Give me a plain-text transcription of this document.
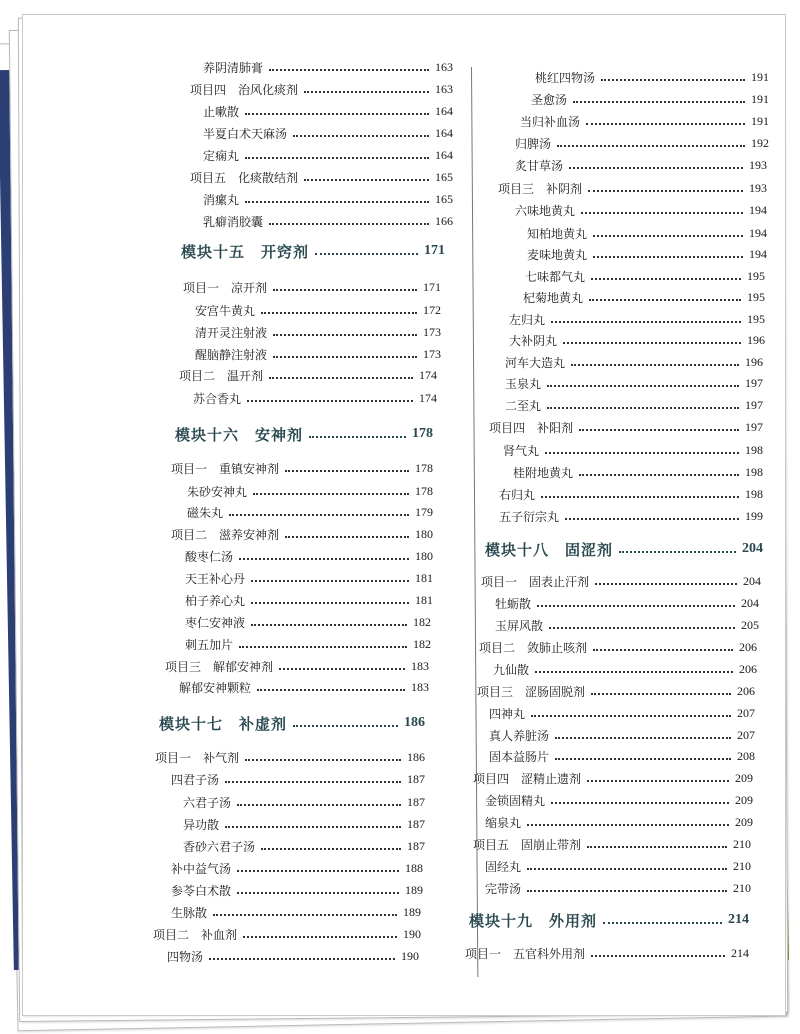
养阴清肺膏	163
项目四　治风化痰剂	163
止嗽散	164
半夏白术天麻汤	164
定痫丸	164
项目五　化痰散结剂	165
消瘰丸	165
乳癖消胶囊	166
模块十五　开窍剂	171
项目一　凉开剂	171
安宫牛黄丸	172
清开灵注射液	173
醒脑静注射液	173
项目二　温开剂	174
苏合香丸	174
模块十六　安神剂	178
项目一　重镇安神剂	178
朱砂安神丸	178
磁朱丸	179
项目二　滋养安神剂	180
酸枣仁汤	180
天王补心丹	181
柏子养心丸	181
枣仁安神液	182
刺五加片	182
项目三　解郁安神剂	183
解郁安神颗粒	183
模块十七　补虚剂	186
项目一　补气剂	186
四君子汤	187
六君子汤	187
异功散	187
香砂六君子汤	187
补中益气汤	188
参苓白术散	189
生脉散	189
项目二　补血剂	190
四物汤	190
桃红四物汤	191
圣愈汤	191
当归补血汤	191
归脾汤	192
炙甘草汤	193
项目三　补阴剂	193
六味地黄丸	194
知柏地黄丸	194
麦味地黄丸	194
七味都气丸	195
杞菊地黄丸	195
左归丸	195
大补阴丸	196
河车大造丸	196
玉泉丸	197
二至丸	197
项目四　补阳剂	197
肾气丸	198
桂附地黄丸	198
右归丸	198
五子衍宗丸	199
模块十八　固涩剂	204
项目一　固表止汗剂	204
牡蛎散	204
玉屏风散	205
项目二　敛肺止咳剂	206
九仙散	206
项目三　涩肠固脱剂	206
四神丸	207
真人养脏汤	207
固本益肠片	208
项目四　涩精止遗剂	209
金锁固精丸	209
缩泉丸	209
项目五　固崩止带剂	210
固经丸	210
完带汤	210
模块十九　外用剂	214
项目一　五官科外用剂	214
